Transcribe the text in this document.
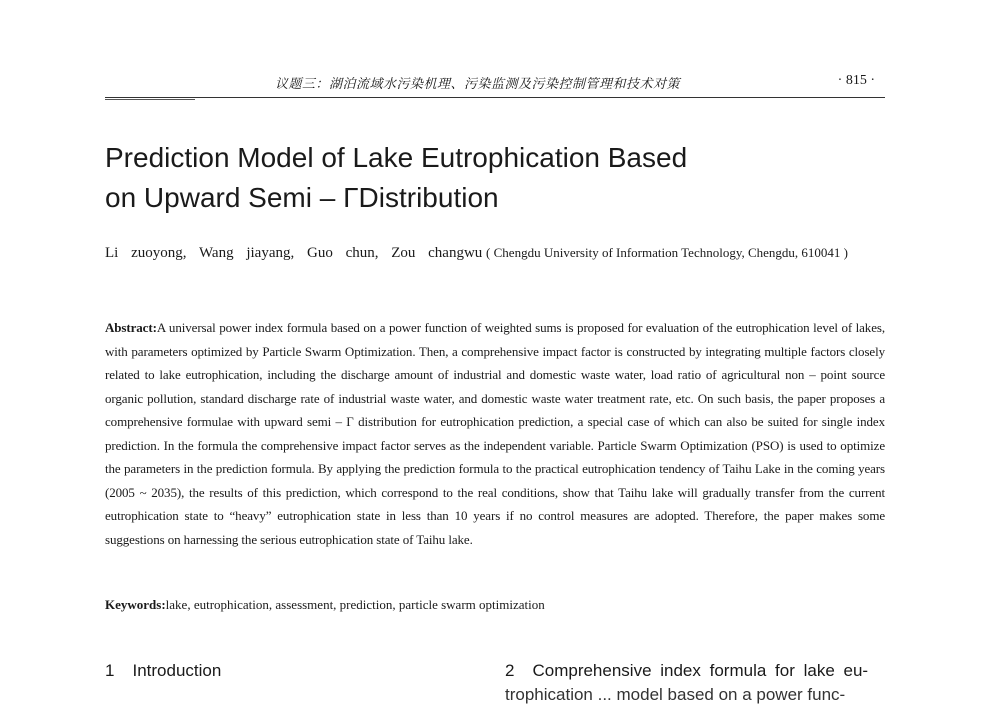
议题三：湖泊流域水污染机理、污染监测及污染控制管理和技术对策	· 815 ·
Prediction Model of Lake Eutrophication Based
on Upward Semi – ΓDistribution
Li zuoyong, Wang jiayang, Guo chun, Zou changwu ( Chengdu University of Information Technology, Chengdu, 610041 )
Abstract:A universal power index formula based on a power function of weighted sums is proposed for evaluation of the eutrophication level of lakes, with parameters optimized by Particle Swarm Optimization. Then, a comprehensive impact factor is constructed by integrating multiple factors closely related to lake eutrophication, including the discharge amount of industrial and domestic waste water, load ratio of agricultural non – point source organic pollution, standard discharge rate of industrial waste water, and domestic waste water treatment rate, etc. On such basis, the paper proposes a comprehensive formulae with upward semi – Γ distribution for eutrophication prediction, a special case of which can also be suited for single index prediction. In the formula the comprehensive impact factor serves as the independent variable. Particle Swarm Optimization (PSO) is used to optimize the parameters in the prediction formula. By applying the prediction formula to the practical eutrophication tendency of Taihu Lake in the coming years (2005 ~ 2035), the results of this prediction, which correspond to the real conditions, show that Taihu lake will gradually transfer from the current eutrophication state to “heavy” eutrophication state in less than 10 years if no control measures are adopted. Therefore, the paper makes some suggestions on harnessing the serious eutrophication state of Taihu lake.
Keywords:lake, eutrophication, assessment, prediction, particle swarm optimization
1 Introduction	2 Comprehensive index formula for lake eu-
trophication ... model based on a power func-
